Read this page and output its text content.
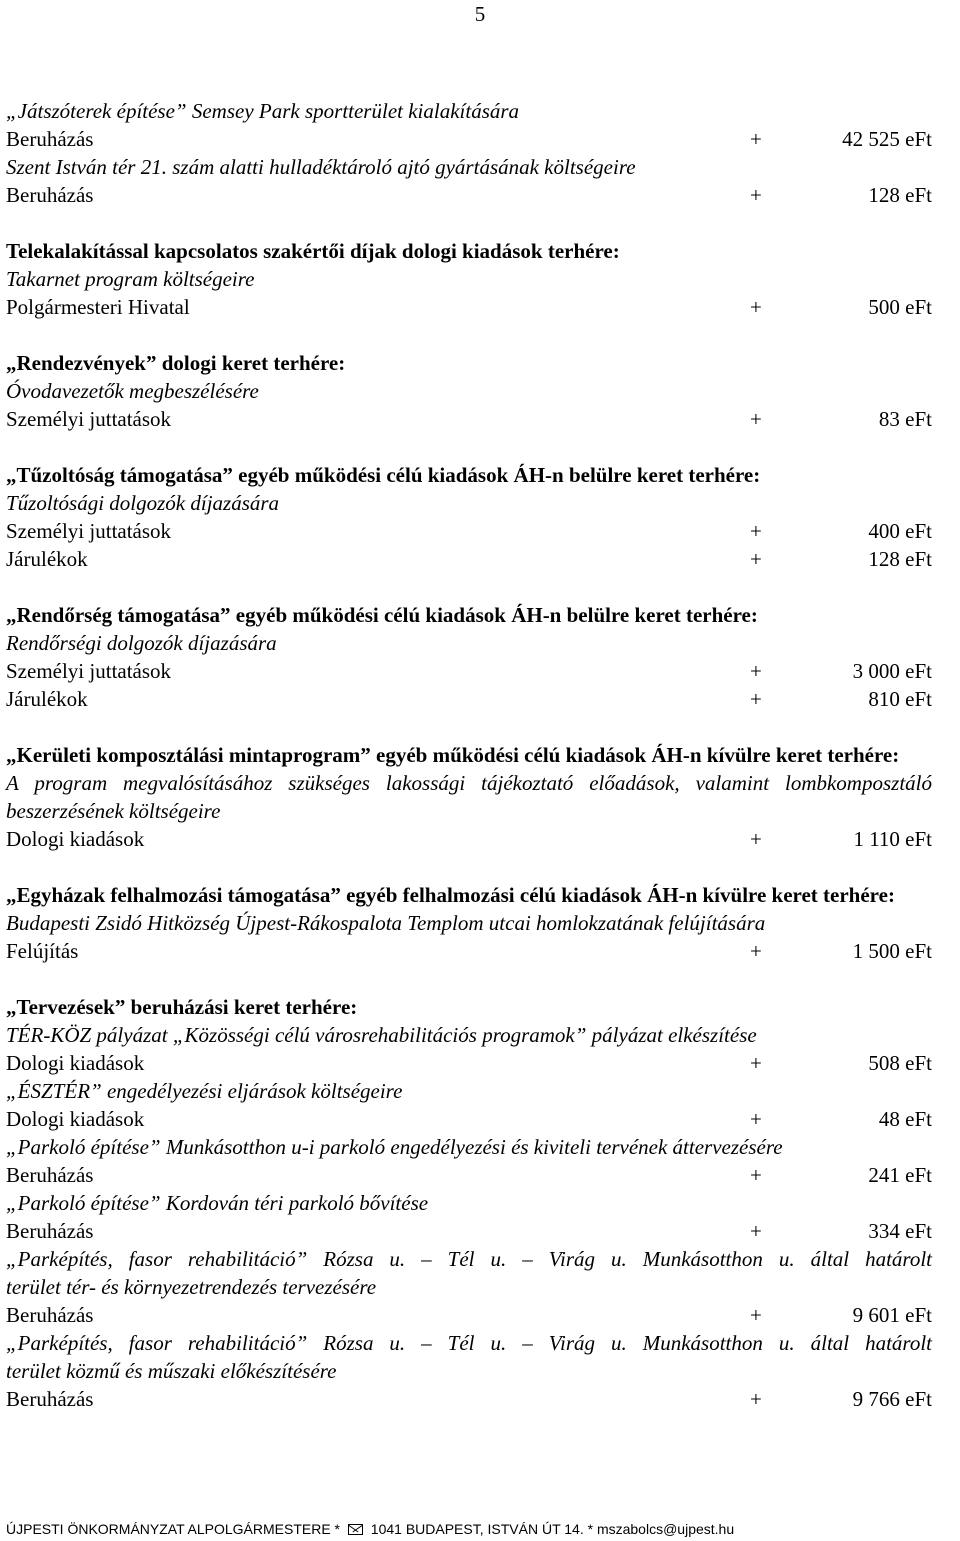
5
„Játszóterek építése” Semsey Park sportterület kialakítására
Beruházás	+	42 525 eFt
Szent István tér 21. szám alatti hulladéktároló ajtó gyártásának költségeire
Beruházás	+	128 eFt
Telekalakítással kapcsolatos szakértői díjak dologi kiadások terhére:
Takarnet program költségeire
Polgármesteri Hivatal	+	500 eFt
„Rendezvények” dologi keret terhére:
Óvodavezetők megbeszélésére
Személyi juttatások	+	83 eFt
„Tűzoltóság támogatása” egyéb működési célú kiadások ÁH-n belülre keret terhére:
Tűzoltósági dolgozók díjazására
Személyi juttatások	+	400 eFt
Járulékok	+	128 eFt
„Rendőrség támogatása” egyéb működési célú kiadások ÁH-n belülre keret terhére:
Rendőrségi dolgozók díjazására
Személyi juttatások	+	3 000 eFt
Járulékok	+	810 eFt
„Kerületi komposztálási mintaprogram” egyéb működési célú kiadások ÁH-n kívülre keret terhére:
A program megvalósításához szükséges lakossági tájékoztató előadások, valamint lombkomposztáló beszerzésének költségeire
Dologi kiadások	+	1 110 eFt
„Egyházak felhalmozási támogatása” egyéb felhalmozási célú kiadások ÁH-n kívülre keret terhére:
Budapesti Zsidó Hitközség Újpest-Rákospalota Templom utcai homlokzatának felújítására
Felújítás	+	1 500 eFt
„Tervezések” beruházási keret terhére:
TÉR-KÖZ pályázat „Közösségi célú városrehabilitációs programok” pályázat elkészítése
Dologi kiadások	+	508 eFt
„ÉSZTÉR” engedélyezési eljárások költségeire
Dologi kiadások	+	48 eFt
„Parkoló építése” Munkásotthon u-i parkoló engedélyezési és kiviteli tervének áttervezésére
Beruházás	+	241 eFt
„Parkoló építése” Kordován téri parkoló bővítése
Beruházás	+	334 eFt
„Parképítés, fasor rehabilitáció” Rózsa u. – Tél u. – Virág u. Munkásotthon u. által határolt
terület tér- és környezetrendezés tervezésére
Beruházás	+	9 601 eFt
„Parképítés, fasor rehabilitáció” Rózsa u. – Tél u. – Virág u. Munkásotthon u. által határolt
terület közmű és műszaki előkészítésére
Beruházás	+	9 766 eFt
ÚJPESTI ÖNKORMÁNYZAT ALPOLGÁRMESTERE * 1041 BUDAPEST, ISTVÁN ÚT 14. * mszabolcs@ujpest.hu
